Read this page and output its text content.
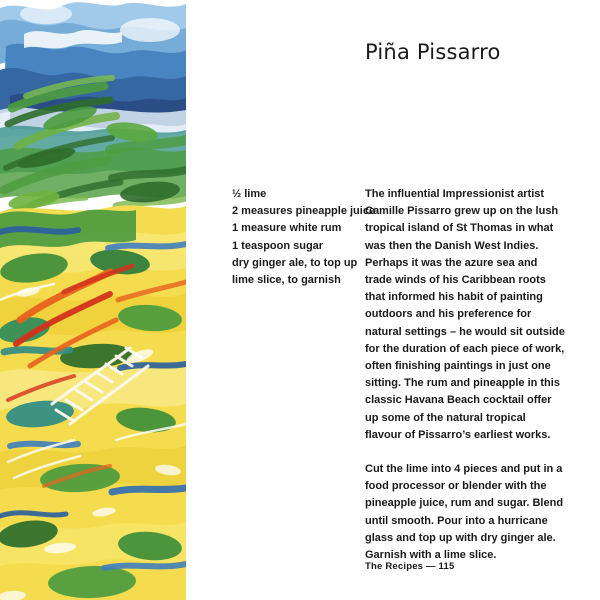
Piña Pissarro
½ lime
2 measures pineapple juice
1 measure white rum
1 teaspoon sugar
dry ginger ale, to top up
lime slice, to garnish

The influential Impressionist artist Camille Pissarro grew up on the lush tropical island of St Thomas in what was then the Danish West Indies. Perhaps it was the azure sea and trade winds of his Caribbean roots that informed his habit of painting outdoors and his preference for natural settings – he would sit outside for the duration of each piece of work, often finishing paintings in just one sitting. The rum and pineapple in this classic Havana Beach cocktail offer up some of the natural tropical flavour of Pissarro’s earliest works.

Cut the lime into 4 pieces and put in a food processor or blender with the pineapple juice, rum and sugar. Blend until smooth. Pour into a hurricane glass and top up with dry ginger ale. Garnish with a lime slice.

The Recipes — 115
